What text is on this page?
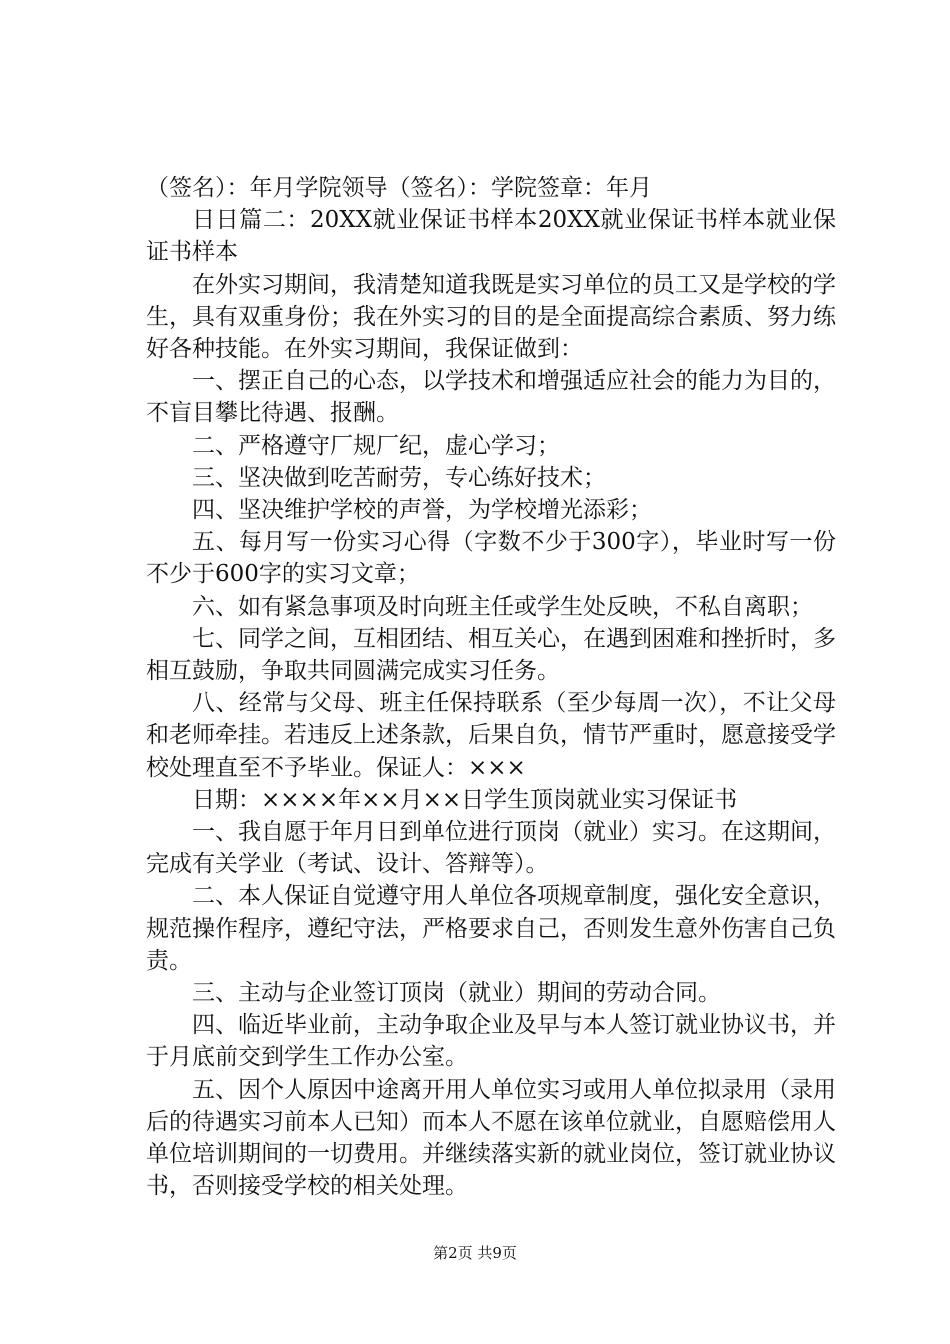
（签名）：年月学院领导（签名）：学院签章：年月

日日篇二：20XX就业保证书样本20XX就业保证书样本就业保证书样本

在外实习期间，我清楚知道我既是实习单位的员工又是学校的学生，具有双重身份；我在外实习的目的是全面提高综合素质、努力练好各种技能。在外实习期间，我保证做到：

一、摆正自己的心态，以学技术和增强适应社会的能力为目的，不盲目攀比待遇、报酬。

二、严格遵守厂规厂纪，虚心学习；

三、坚决做到吃苦耐劳，专心练好技术；

四、坚决维护学校的声誉，为学校增光添彩；

五、每月写一份实习心得（字数不少于300字），毕业时写一份不少于600字的实习文章；

六、如有紧急事项及时向班主任或学生处反映，不私自离职；

七、同学之间，互相团结、相互关心，在遇到困难和挫折时，多相互鼓励，争取共同圆满完成实习任务。

八、经常与父母、班主任保持联系（至少每周一次），不让父母和老师牵挂。若违反上述条款，后果自负，情节严重时，愿意接受学校处理直至不予毕业。保证人：×××

日期：××××年××月××日学生顶岗就业实习保证书

一、我自愿于年月日到单位进行顶岗（就业）实习。在这期间，完成有关学业（考试、设计、答辩等）。

二、本人保证自觉遵守用人单位各项规章制度，强化安全意识，规范操作程序，遵纪守法，严格要求自己，否则发生意外伤害自己负责。

三、主动与企业签订顶岗（就业）期间的劳动合同。

四、临近毕业前，主动争取企业及早与本人签订就业协议书，并于月底前交到学生工作办公室。

五、因个人原因中途离开用人单位实习或用人单位拟录用（录用后的待遇实习前本人已知）而本人不愿在该单位就业，自愿赔偿用人单位培训期间的一切费用。并继续落实新的就业岗位，签订就业协议书，否则接受学校的相关处理。

第2页 共9页
